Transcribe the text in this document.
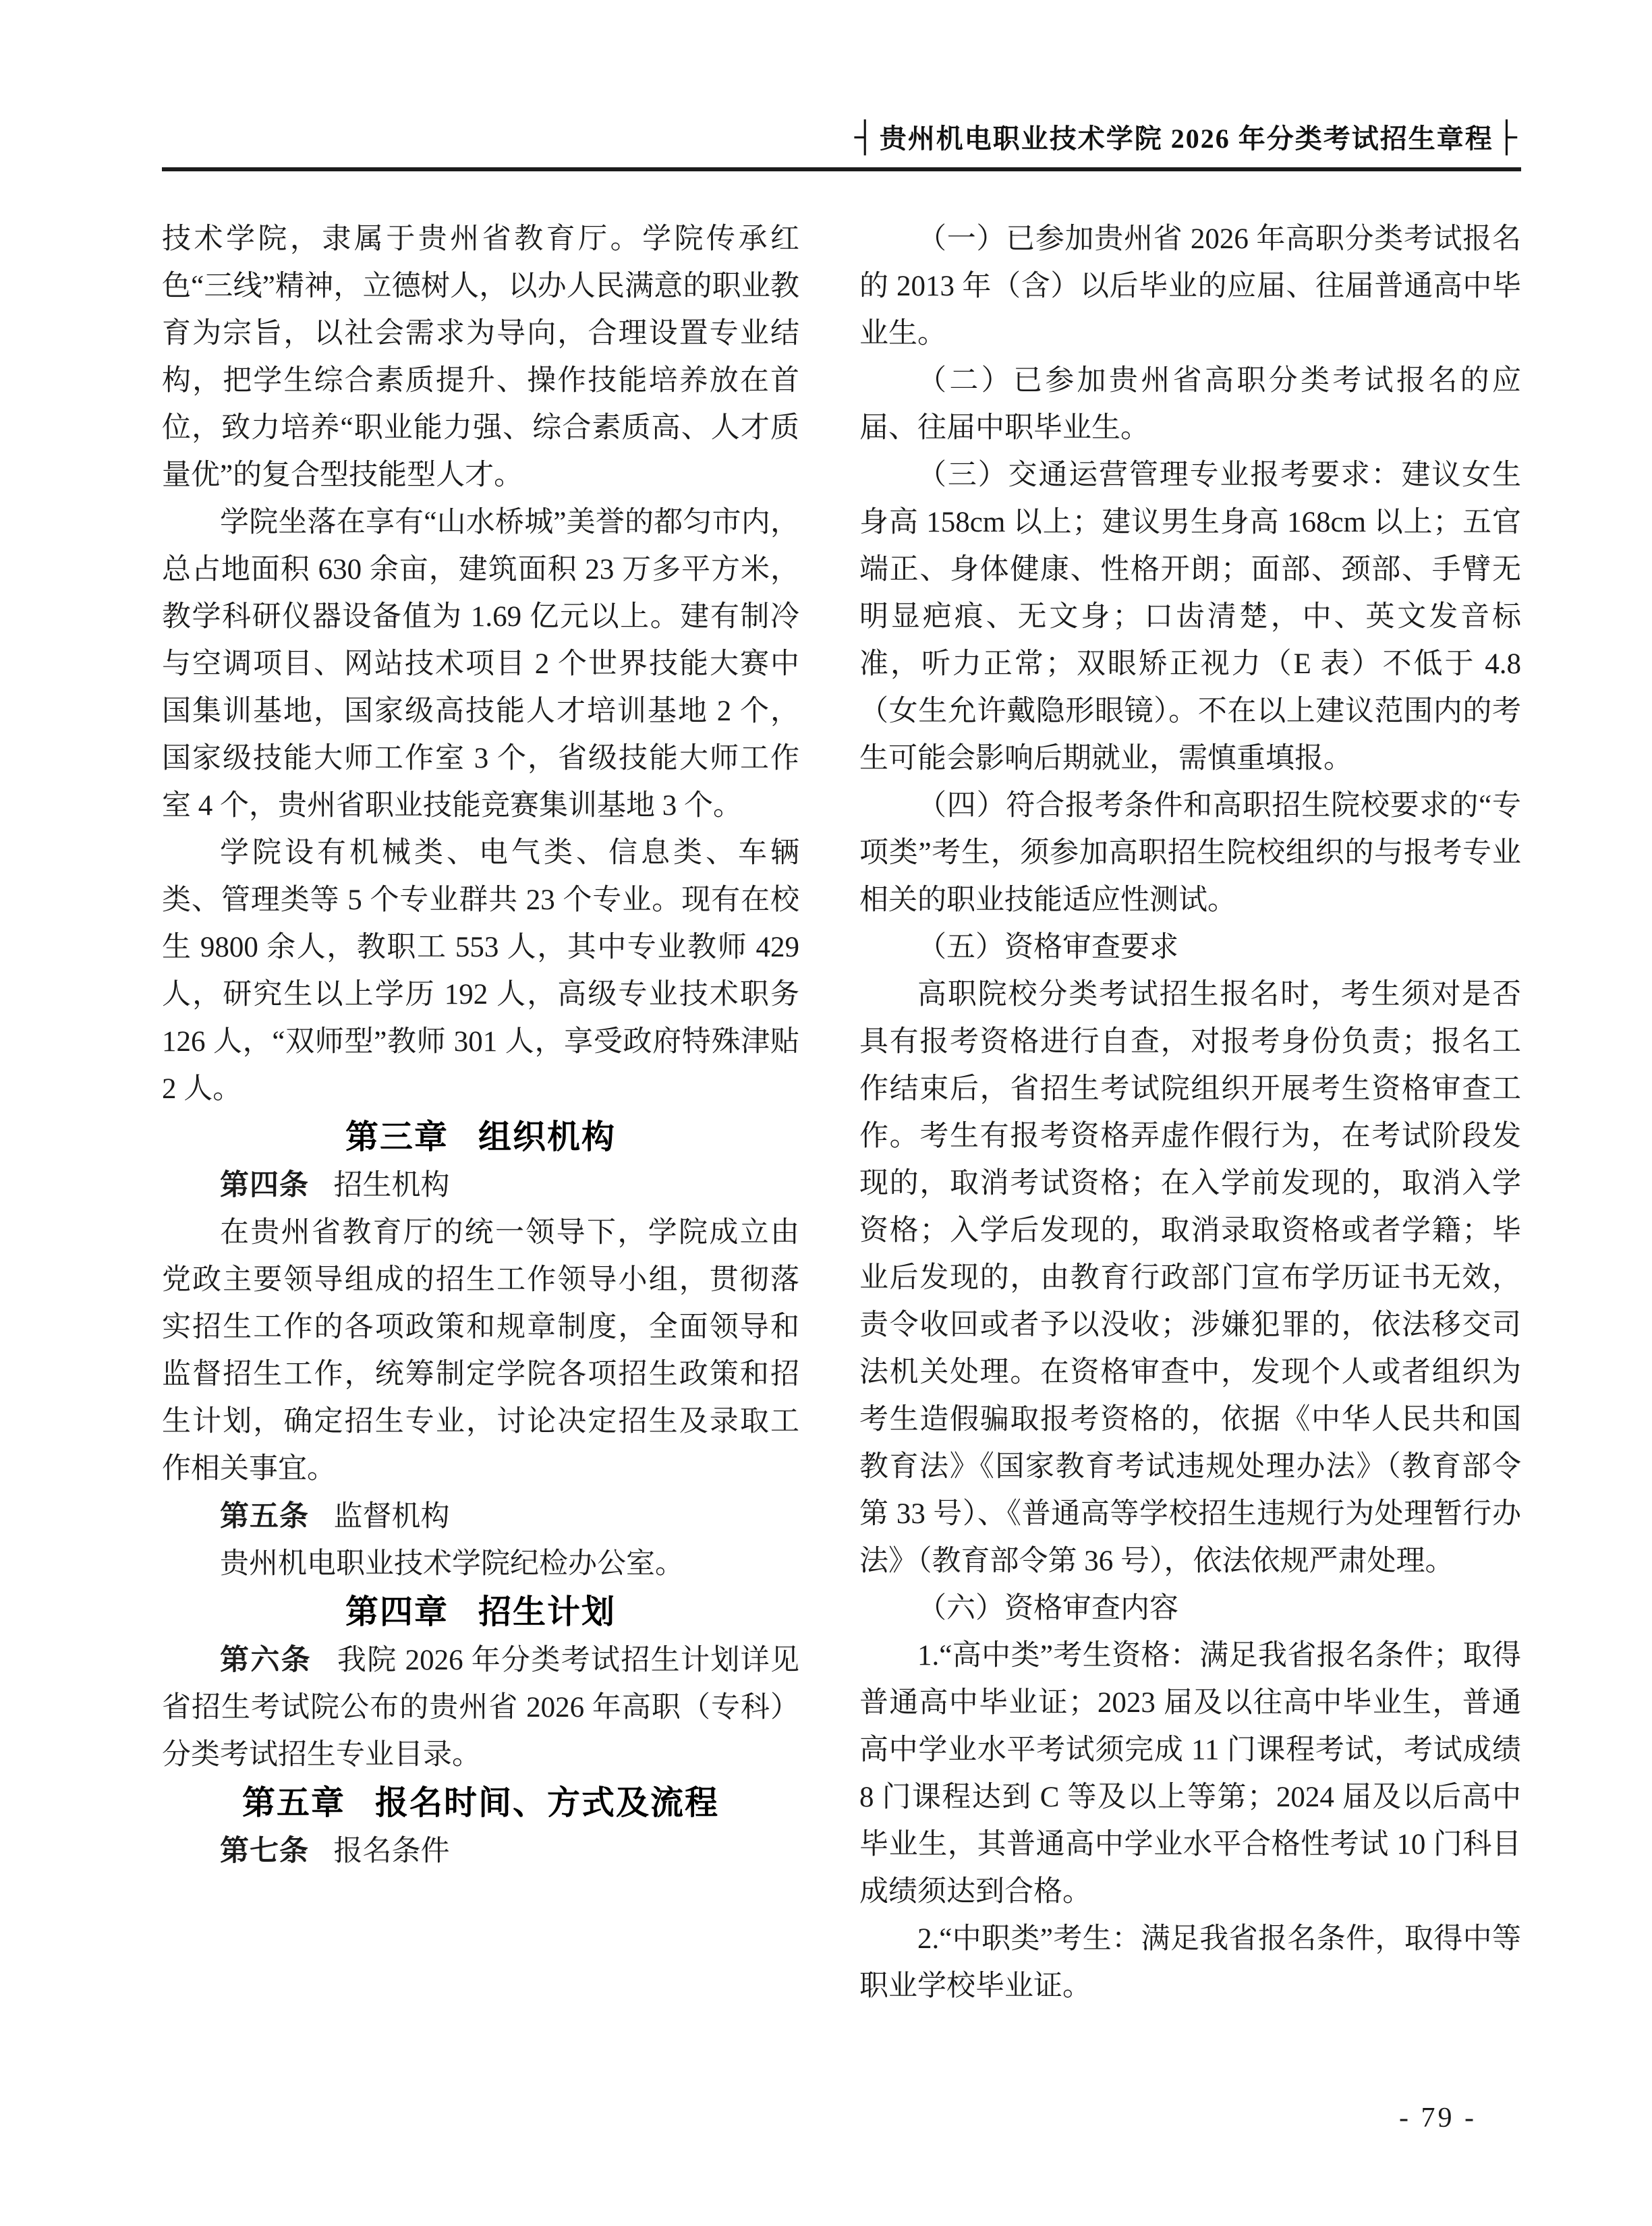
┤ 贵州机电职业技术学院 2026 年分类考试招生章程├

技术学院，隶属于贵州省教育厅。学院传承红色“三线”精神，立德树人，以办人民满意的职业教育为宗旨，以社会需求为导向，合理设置专业结构，把学生综合素质提升、操作技能培养放在首位，致力培养“职业能力强、综合素质高、人才质量优”的复合型技能型人才。

学院坐落在享有“山水桥城”美誉的都匀市内，总占地面积 630 余亩，建筑面积 23 万多平方米，教学科研仪器设备值为 1.69 亿元以上。建有制冷与空调项目、网站技术项目 2 个世界技能大赛中国集训基地，国家级高技能人才培训基地 2 个，国家级技能大师工作室 3 个，省级技能大师工作室 4 个，贵州省职业技能竞赛集训基地 3 个。

学院设有机械类、电气类、信息类、车辆类、管理类等 5 个专业群共 23 个专业。现有在校生 9800 余人，教职工 553 人，其中专业教师 429 人，研究生以上学历 192 人，高级专业技术职务 126 人，“双师型”教师 301 人，享受政府特殊津贴 2 人。

第三章 组织机构

第四条 招生机构

在贵州省教育厅的统一领导下，学院成立由党政主要领导组成的招生工作领导小组，贯彻落实招生工作的各项政策和规章制度，全面领导和监督招生工作，统筹制定学院各项招生政策和招生计划，确定招生专业，讨论决定招生及录取工作相关事宜。

第五条 监督机构

贵州机电职业技术学院纪检办公室。

第四章 招生计划

第六条 我院 2026 年分类考试招生计划详见省招生考试院公布的贵州省 2026 年高职（专科）分类考试招生专业目录。

第五章 报名时间、方式及流程

第七条 报名条件

（一）已参加贵州省 2026 年高职分类考试报名的 2013 年（含）以后毕业的应届、往届普通高中毕业生。

（二）已参加贵州省高职分类考试报名的应届、往届中职毕业生。

（三）交通运营管理专业报考要求：建议女生身高 158cm 以上；建议男生身高 168cm 以上；五官端正、身体健康、性格开朗；面部、颈部、手臂无明显疤痕、无文身；口齿清楚，中、英文发音标准，听力正常；双眼矫正视力（E 表）不低于 4.8（女生允许戴隐形眼镜）。不在以上建议范围内的考生可能会影响后期就业，需慎重填报。

（四）符合报考条件和高职招生院校要求的“专项类”考生，须参加高职招生院校组织的与报考专业相关的职业技能适应性测试。

（五）资格审查要求

高职院校分类考试招生报名时，考生须对是否具有报考资格进行自查，对报考身份负责；报名工作结束后，省招生考试院组织开展考生资格审查工作。考生有报考资格弄虚作假行为，在考试阶段发现的，取消考试资格；在入学前发现的，取消入学资格；入学后发现的，取消录取资格或者学籍；毕业后发现的，由教育行政部门宣布学历证书无效，责令收回或者予以没收；涉嫌犯罪的，依法移交司法机关处理。在资格审查中，发现个人或者组织为考生造假骗取报考资格的，依据《中华人民共和国教育法》《国家教育考试违规处理办法》（教育部令第 33 号）、《普通高等学校招生违规行为处理暂行办法》（教育部令第 36 号），依法依规严肃处理。

（六）资格审查内容

1.“高中类”考生资格：满足我省报名条件；取得普通高中毕业证；2023 届及以往高中毕业生，普通高中学业水平考试须完成 11 门课程考试，考试成绩 8 门课程达到 C 等及以上等第；2024 届及以后高中毕业生，其普通高中学业水平合格性考试 10 门科目成绩须达到合格。

2.“中职类”考生：满足我省报名条件，取得中等职业学校毕业证。

- 79 -
